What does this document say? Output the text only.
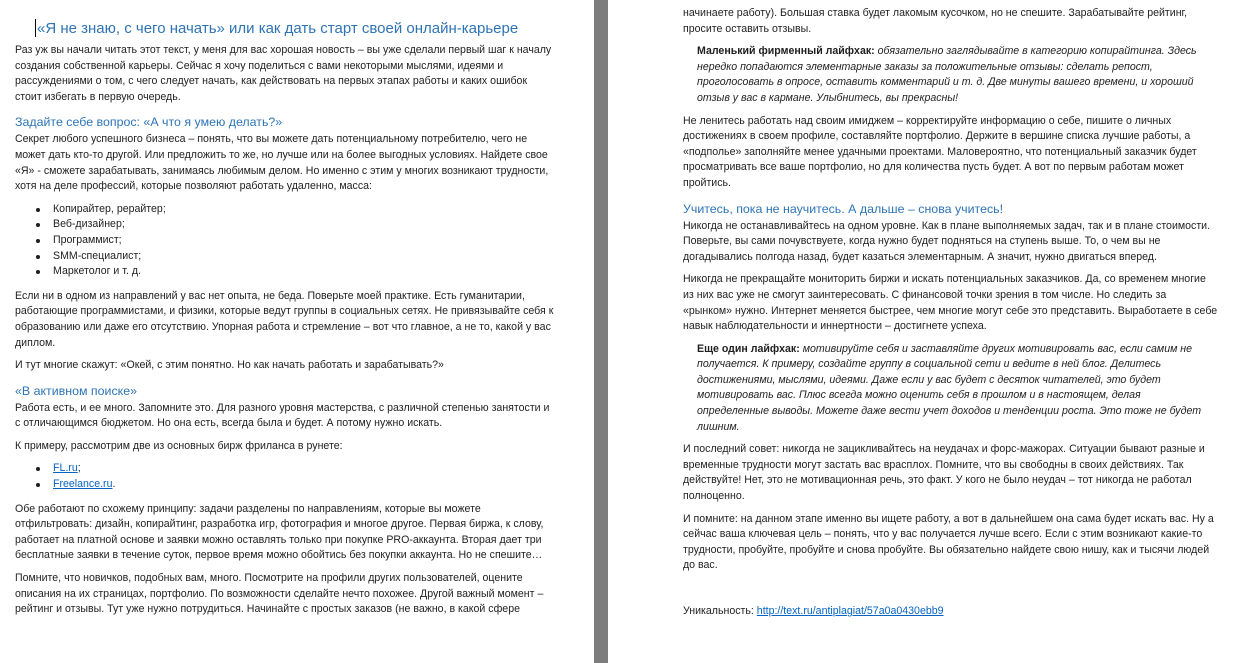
«Я не знаю, с чего начать» или как дать старт своей онлайн-карьере

Раз уж вы начали читать этот текст, у меня для вас хорошая новость – вы уже сделали первый шаг к началу создания собственной карьеры. Сейчас я хочу поделиться с вами некоторыми мыслями, идеями и рассуждениями о том, с чего следует начать, как действовать на первых этапах работы и каких ошибок стоит избегать в первую очередь.

Задайте себе вопрос: «А что я умею делать?»

Секрет любого успешного бизнеса – понять, что вы можете дать потенциальному потребителю, чего не может дать кто-то другой. Или предложить то же, но лучше или на более выгодных условиях. Найдете свое «Я» - сможете зарабатывать, занимаясь любимым делом. Но именно с этим у многих возникают трудности, хотя на деле профессий, которые позволяют работать удаленно, масса:

Копирайтер, рерайтер;
Веб-дизайнер;
Программист;
SMM-специалист;
Маркетолог и т. д.

Если ни в одном из направлений у вас нет опыта, не беда. Поверьте моей практике. Есть гуманитарии, работающие программистами, и физики, которые ведут группы в социальных сетях. Не привязывайте себя к образованию или даже его отсутствию. Упорная работа и стремление – вот что главное, а не то, какой у вас диплом.

И тут многие скажут: «Окей, с этим понятно. Но как начать работать и зарабатывать?»

«В активном поиске»

Работа есть, и ее много. Запомните это. Для разного уровня мастерства, с различной степенью занятости и с отличающимся бюджетом. Но она есть, всегда была и будет. А потому нужно искать.

К примеру, рассмотрим две из основных бирж фриланса в рунете:

FL.ru;
Freelance.ru.

Обе работают по схожему принципу: задачи разделены по направлениям, которые вы можете отфильтровать: дизайн, копирайтинг, разработка игр, фотография и многое другое. Первая биржа, к слову, работает на платной основе и заявки можно оставлять только при покупке PRO-аккаунта. Вторая дает три бесплатные заявки в течение суток, первое время можно обойтись без покупки аккаунта. Но не спешите…

Помните, что новичков, подобных вам, много. Посмотрите на профили других пользователей, оцените описания на их страницах, портфолио. По возможности сделайте нечто похожее. Другой важный момент – рейтинг и отзывы. Тут уже нужно потрудиться. Начинайте с простых заказов (не важно, в какой сфере

начинаете работу). Большая ставка будет лакомым кусочком, но не спешите. Зарабатывайте рейтинг, просите оставить отзывы.

Маленький фирменный лайфхак: обязательно заглядывайте в категорию копирайтинга. Здесь нередко попадаются элементарные заказы за положительные отзывы: сделать репост, проголосовать в опросе, оставить комментарий и т. д. Две минуты вашего времени, и хороший отзыв у вас в кармане. Улыбнитесь, вы прекрасны!

Не ленитесь работать над своим имиджем – корректируйте информацию о себе, пишите о личных достижениях в своем профиле, составляйте портфолио. Держите в вершине списка лучшие работы, а «подполье» заполняйте менее удачными проектами. Маловероятно, что потенциальный заказчик будет просматривать все ваше портфолио, но для количества пусть будет. А вот по первым работам может пройтись.

Учитесь, пока не научитесь. А дальше – снова учитесь!

Никогда не останавливайтесь на одном уровне. Как в плане выполняемых задач, так и в плане стоимости. Поверьте, вы сами почувствуете, когда нужно будет подняться на ступень выше. То, о чем вы не догадывались полгода назад, будет казаться элементарным. А значит, нужно двигаться вперед.

Никогда не прекращайте мониторить биржи и искать потенциальных заказчиков. Да, со временем многие из них вас уже не смогут заинтересовать. С финансовой точки зрения в том числе. Но следить за «рынком» нужно. Интернет меняется быстрее, чем многие могут себе это представить. Выработаете в себе навык наблюдательности и иннертности – достигнете успеха.

Еще один лайфхак: мотивируйте себя и заставляйте других мотивировать вас, если самим не получается. К примеру, создайте группу в социальной сети и ведите в ней блог. Делитесь достижениями, мыслями, идеями. Даже если у вас будет с десяток читателей, это будет мотивировать вас. Плюс всегда можно оценить себя в прошлом и в настоящем, делая определенные выводы. Можете даже вести учет доходов и тенденции роста. Это тоже не будет лишним.

И последний совет: никогда не зацикливайтесь на неудачах и форс-мажорах. Ситуации бывают разные и временные трудности могут застать вас врасплох. Помните, что вы свободны в своих действиях. Так действуйте! Нет, это не мотивационная речь, это факт. У кого не было неудач – тот никогда не работал полноценно.

И помните: на данном этапе именно вы ищете работу, а вот в дальнейшем она сама будет искать вас. Ну а сейчас ваша ключевая цель – понять, что у вас получается лучше всего. Если с этим возникают какие-то трудности, пробуйте, пробуйте и снова пробуйте. Вы обязательно найдете свою нишу, как и тысячи людей до вас.

Уникальность: http://text.ru/antiplagiat/57a0a0430ebb9
